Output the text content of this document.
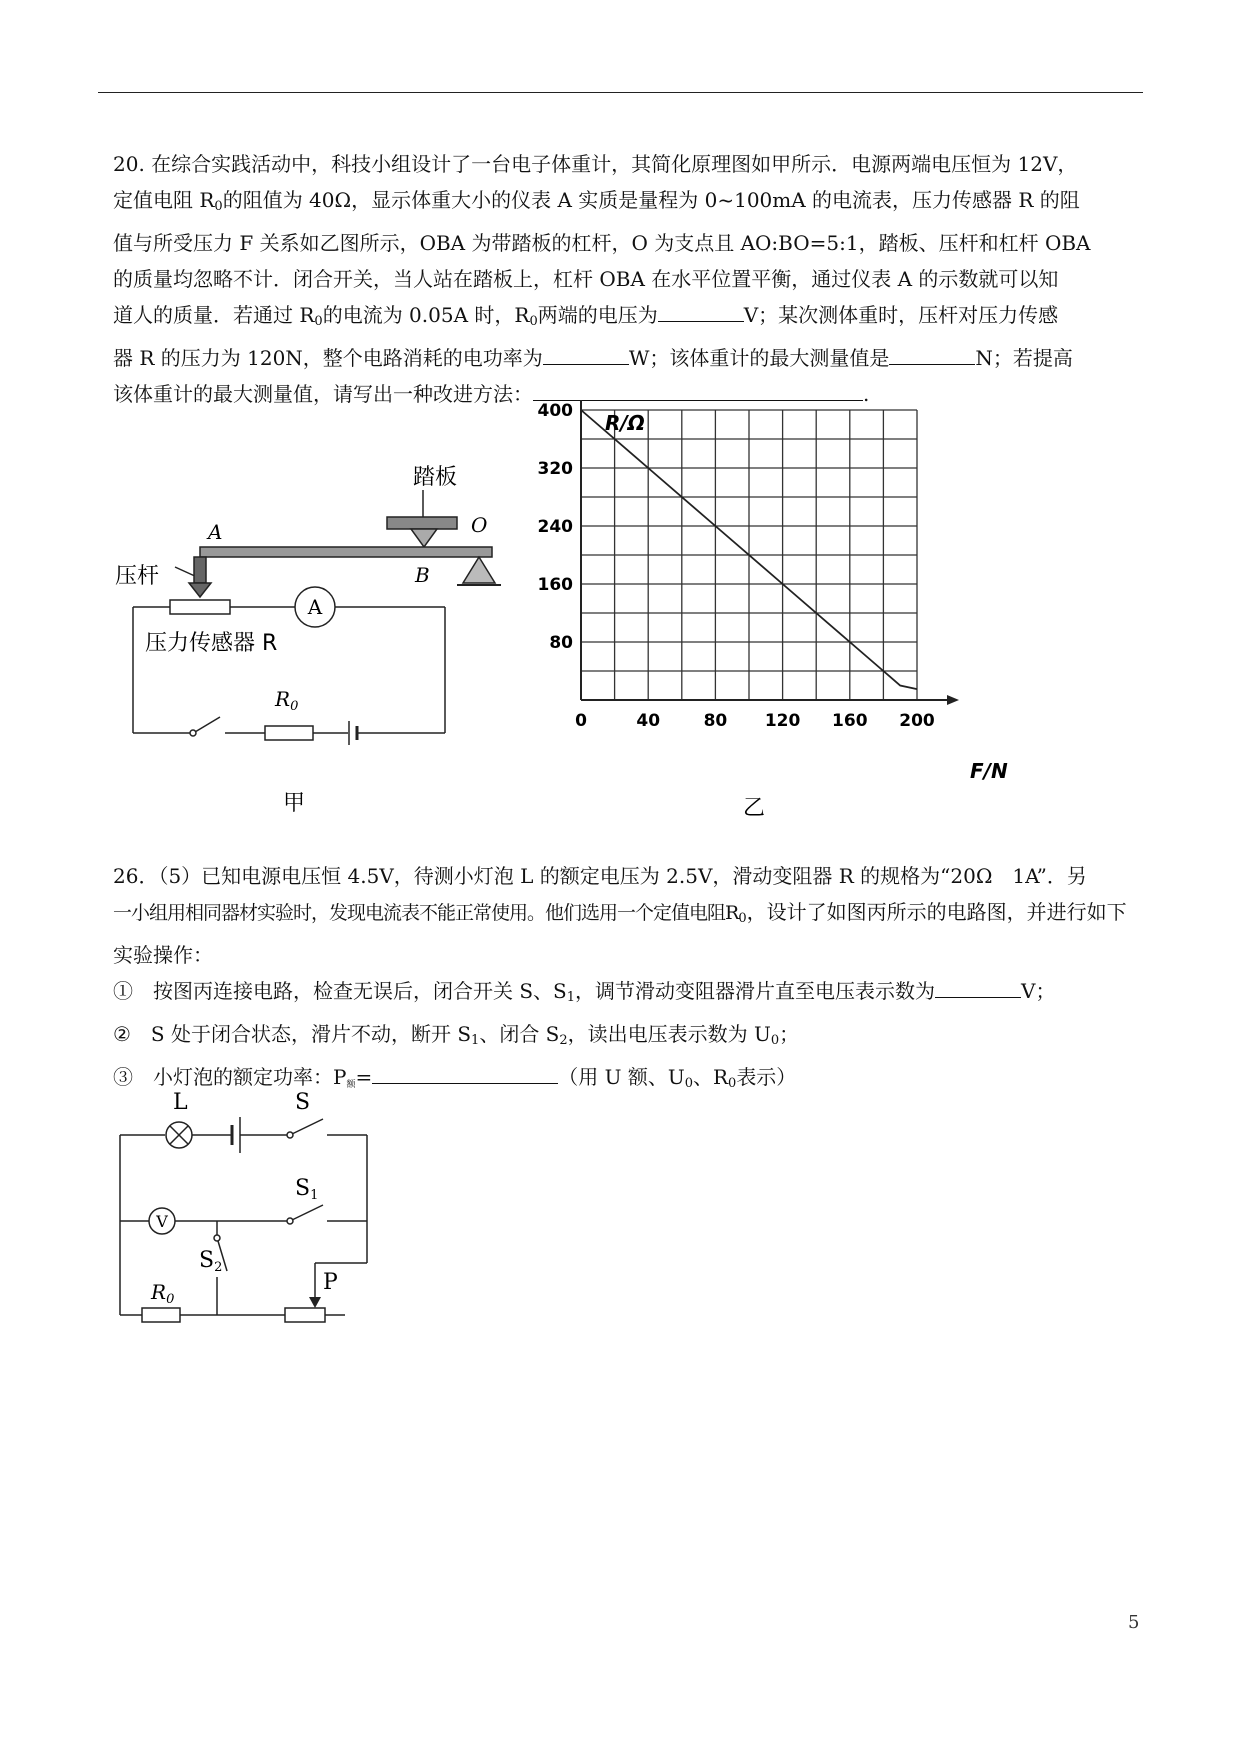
20. 在综合实践活动中，科技小组设计了一台电子体重计，其简化原理图如甲所示．电源两端电压恒为 12V，
定值电阻 $R_0$的阻值为 40Ω，显示体重大小的仪表 A 实质是量程为 0~100mA 的电流表，压力传感器 R 的阻
值与所受压力 F 关系如乙图所示，OBA 为带踏板的杠杆，O 为支点且 AO:BO=5:1，踏板、压杆和杠杆 OBA
的质量均忽略不计．闭合开关，当人站在踏板上，杠杆 OBA 在水平位置平衡，通过仪表 A 的示数就可以知
道人的质量．若通过 $R_0$的电流为 0.05A 时，$R_0$两端的电压为	V；某次测体重时，压杆对压力传感
器 R 的压力为 120N，整个电路消耗的电功率为	W；该体重计的最大测量值是	N；若提高
该体重计的最大测量值，请写出一种改进方法：	.
踏板
O
A
B
压杆
A
压力传感器 R
$R_0$
甲
0	40	80 120 160 200
80
160
240
320
400 R/Ω
F/N
乙
26．（5）已知电源电压恒 4.5V，待测小灯泡 L 的额定电压为 2.5V，滑动变阻器 R 的规格为“20Ω　1A”．另
一小组用相同器材实验时，发现电流表不能正常使用。他们选用一个定值电阻$R_0$，设计了如图丙所示的电路图，并进行如下
实验操作：
①　按图丙连接电路，检查无误后，闭合开关 S、$S_1$，调节滑动变阻器滑片直至电压表示数为	V；
②　S 处于闭合状态，滑片不动，断开 $S_1$、闭合 $S_2$，读出电压表示数为 $U_0$；
③　小灯泡的额定功率：P额=	（用 U 额、$U_0$、$R_0$表示）
L	S
S1
V
S2
$R_0$
P
5
